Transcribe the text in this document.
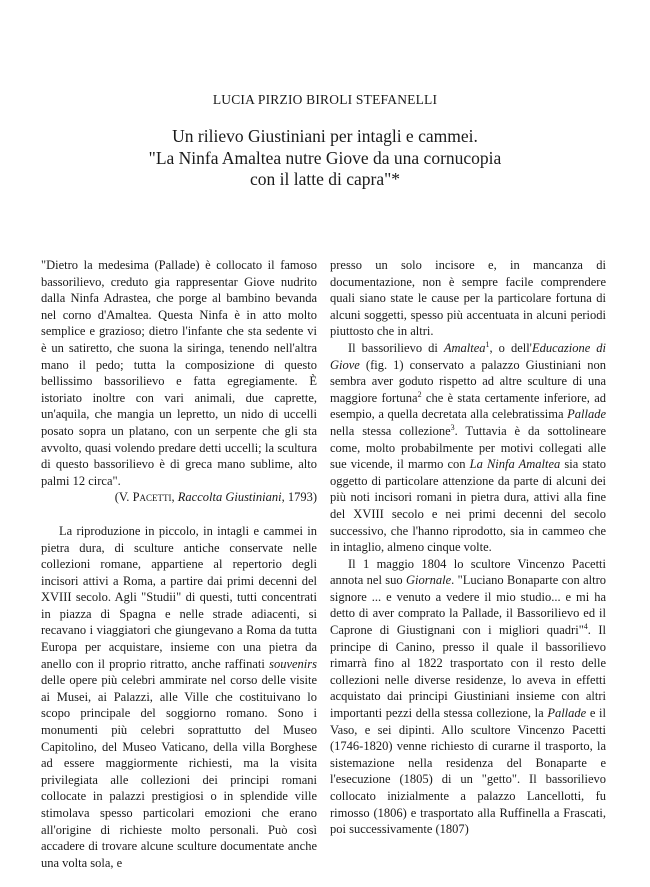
LUCIA PIRZIO BIROLI STEFANELLI
Un rilievo Giustiniani per intagli e cammei.
"La Ninfa Amaltea nutre Giove da una cornucopia
con il latte di capra"*

"Dietro la medesima (Pallade) è collocato il famoso bassorilievo, creduto gia rappresentar Giove nudrito dalla Ninfa Adrastea, che porge al bambino bevanda nel corno d'Amaltea. Questa Ninfa è in atto molto semplice e grazioso; dietro l'infante che sta sedente vi è un satiretto, che suona la siringa, tenendo nell'altra mano il pedo; tutta la composizione di questo bellissimo bassorilievo e fatta egregiamente. È istoriato inoltre con vari animali, due caprette, un'aquila, che mangia un lepretto, un nido di uccelli posato sopra un platano, con un serpente che gli sta avvolto, quasi volendo predare detti uccelli; la scultura di questo bassorilievo è di greca mano sublime, alto palmi 12 circa".

(V. Pacetti, Raccolta Giustiniani, 1793)

La riproduzione in piccolo, in intagli e cammei in pietra dura, di sculture antiche conservate nelle collezioni romane, appartiene al repertorio degli incisori attivi a Roma, a partire dai primi decenni del XVIII secolo. Agli "Studii" di questi, tutti concentrati in piazza di Spagna e nelle strade adiacenti, si recavano i viaggiatori che giungevano a Roma da tutta Europa per acquistare, insieme con una pietra da anello con il proprio ritratto, anche raffinati souvenirs delle opere più celebri ammirate nel corso delle visite ai Musei, ai Palazzi, alle Ville che costituivano lo scopo principale del soggiorno romano. Sono i monumenti più celebri soprattutto del Museo Capitolino, del Museo Vaticano, della villa Borghese ad essere maggiormente richiesti, ma la visita privilegiata alle collezioni dei principi romani collocate in palazzi prestigiosi o in splendide ville stimolava spesso particolari emozioni che erano all'origine di richieste molto personali. Può così accadere di trovare alcune sculture documentate anche una volta sola, e

presso un solo incisore e, in mancanza di documentazione, non è sempre facile comprendere quali siano state le cause per la particolare fortuna di alcuni soggetti, spesso più accentuata in alcuni periodi piuttosto che in altri.

Il bassorilievo di Amaltea$^1$, o dell'Educazione di Giove (fig. 1) conservato a palazzo Giustiniani non sembra aver goduto rispetto ad altre sculture di una maggiore fortuna$^2$ che è stata certamente inferiore, ad esempio, a quella decretata alla celebratissima Pallade nella stessa collezione$^3$. Tuttavia è da sottolineare come, molto probabilmente per motivi collegati alle sue vicende, il marmo con La Ninfa Amaltea sia stato oggetto di particolare attenzione da parte di alcuni dei più noti incisori romani in pietra dura, attivi alla fine del XVIII secolo e nei primi decenni del secolo successivo, che l'hanno riprodotto, sia in cammeo che in intaglio, almeno cinque volte.

Il 1 maggio 1804 lo scultore Vincenzo Pacetti annota nel suo Giornale. "Luciano Bonaparte con altro signore ... e venuto a vedere il mio studio... e mi ha detto di aver comprato la Pallade, il Bassorilievo ed il Caprone di Giustignani con i migliori quadri"$^4$. Il principe di Canino, presso il quale il bassorilievo rimarrà fino al 1822 trasportato con il resto delle collezioni nelle diverse residenze, lo aveva in effetti acquistato dai principi Giustiniani insieme con altri importanti pezzi della stessa collezione, la Pallade e il Vaso, e sei dipinti. Allo scultore Vincenzo Pacetti (1746-1820) venne richiesto di curarne il trasporto, la sistemazione nella residenza del Bonaparte e l'esecuzione (1805) di un "getto". Il bassorilievo collocato inizialmente a palazzo Lancellotti, fu rimosso (1806) e trasportato alla Ruffinella a Frascati, poi successivamente (1807)
